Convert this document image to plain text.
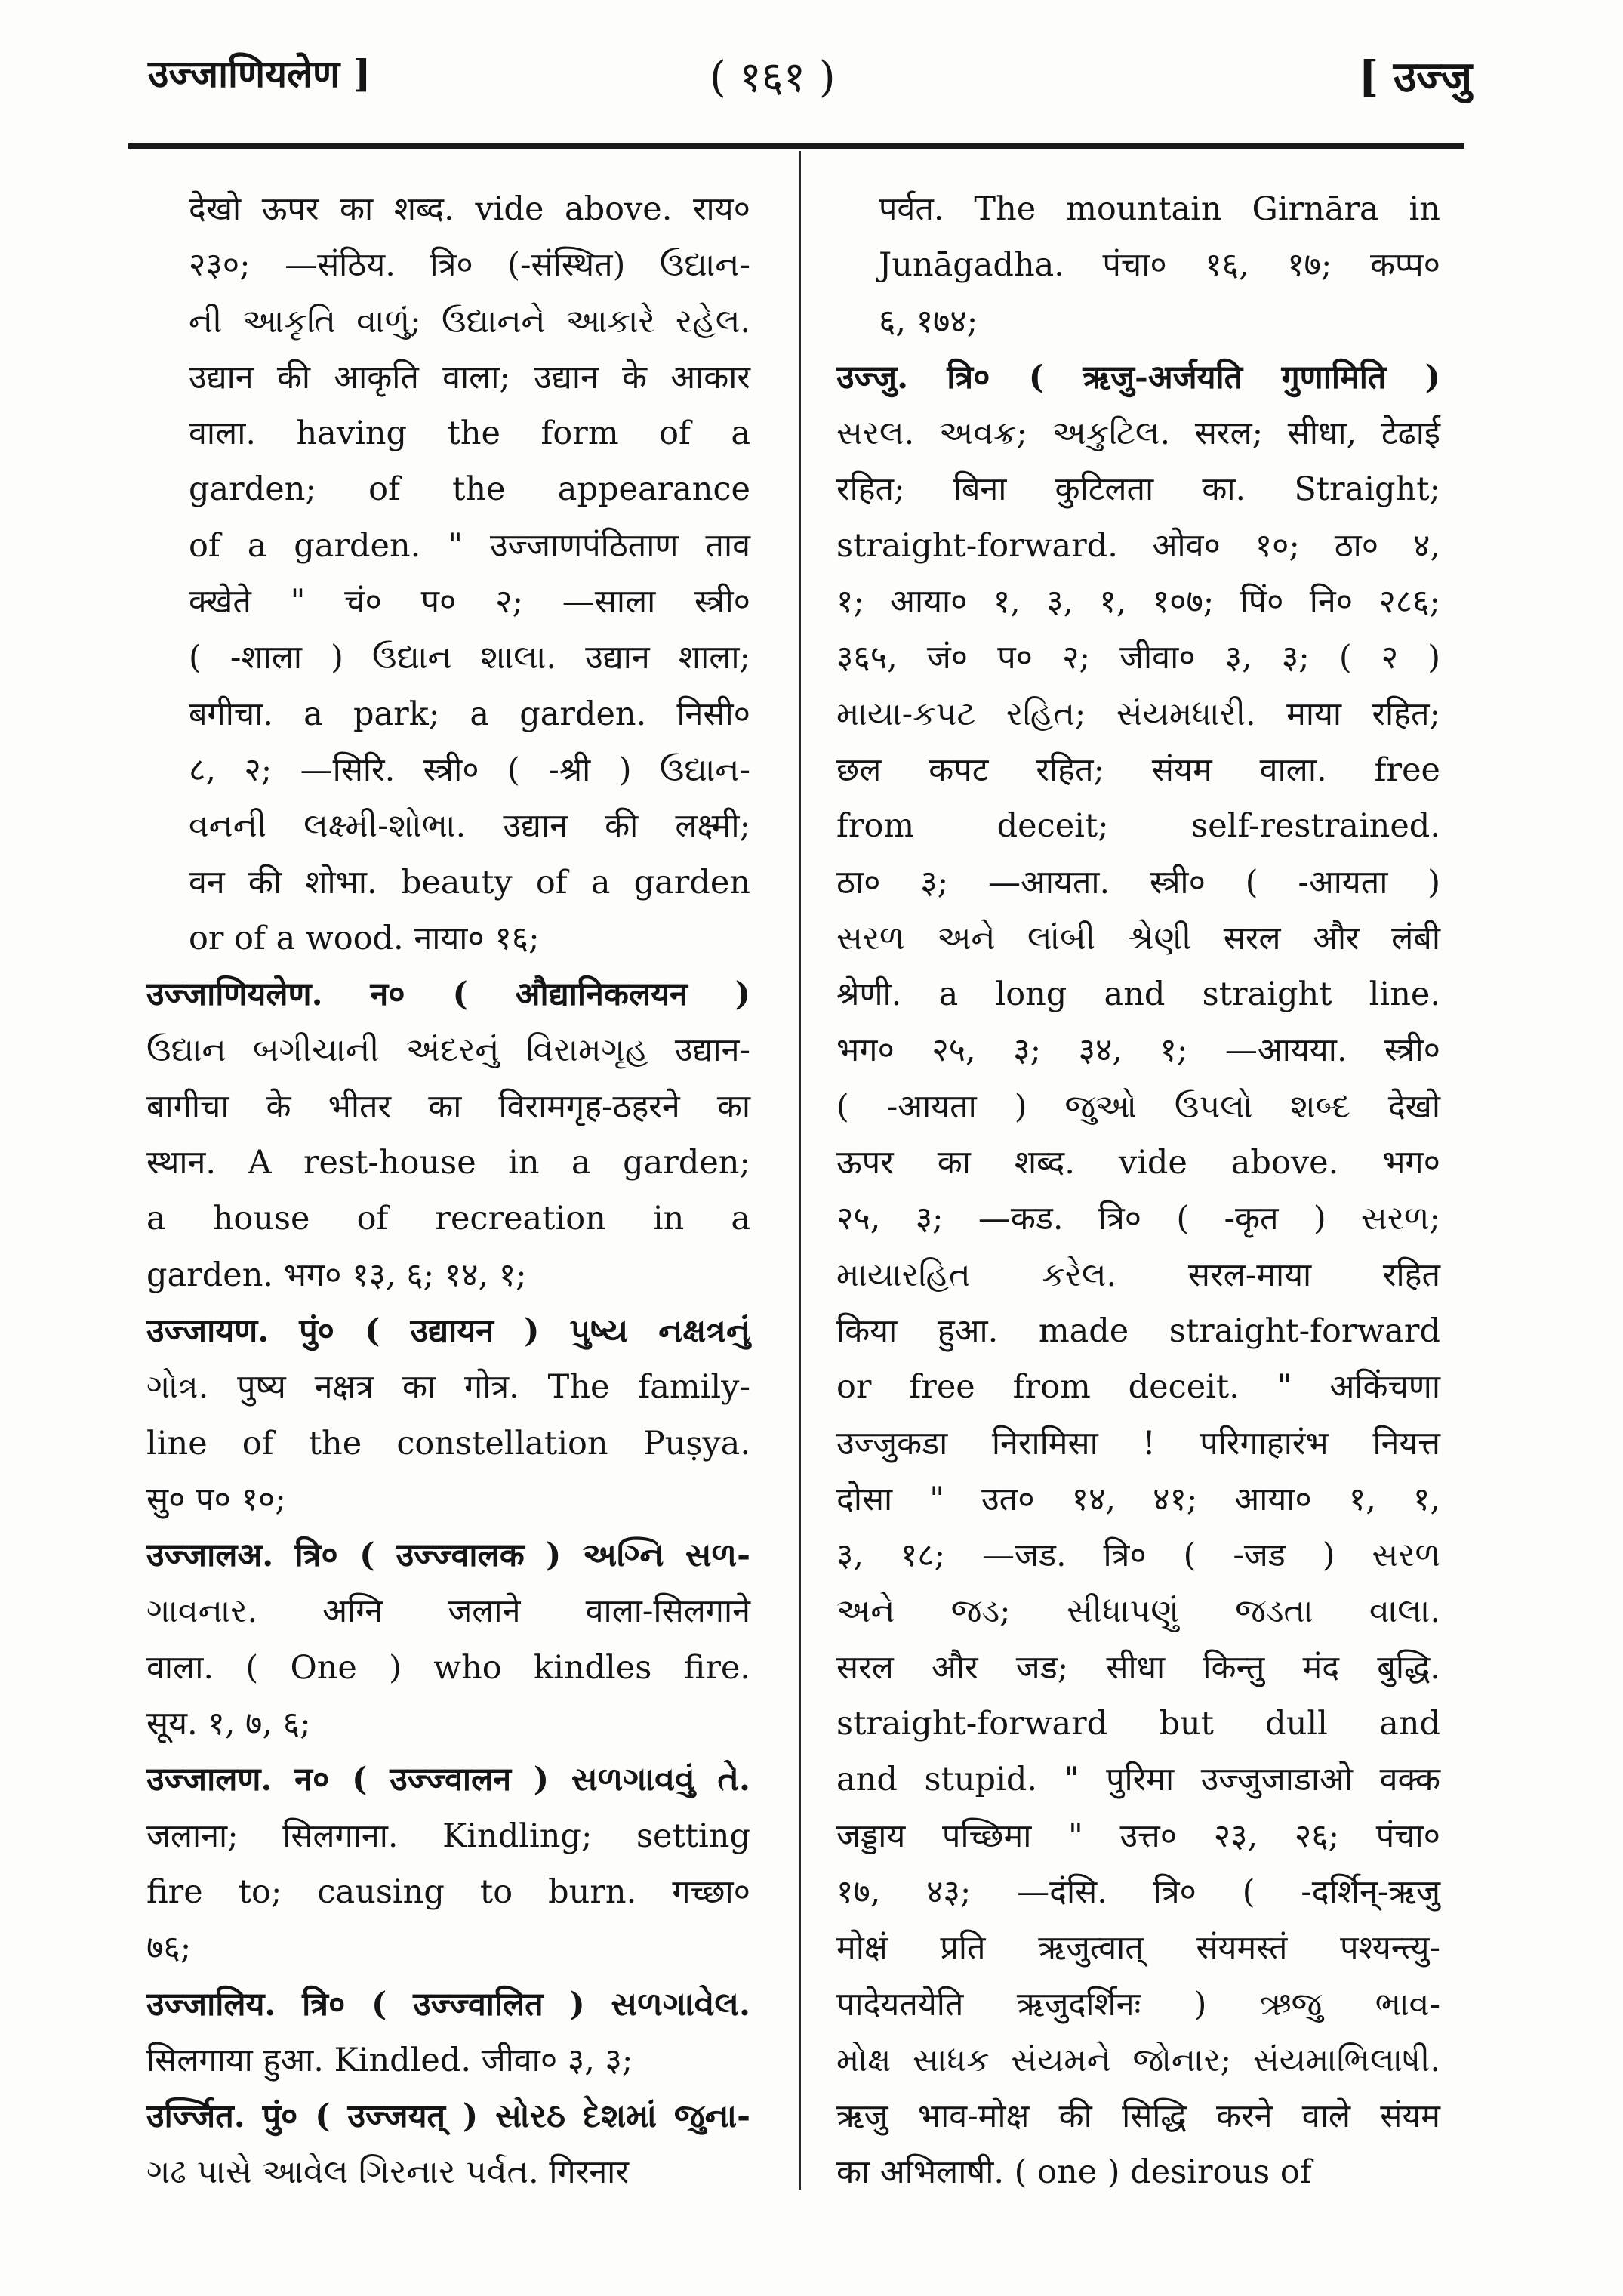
उज्जाणियलेण ]	( १६१ )	[ उज्जु
देखो ऊपर का शब्द. vide above. राय०
२३०; —संठिय. त्रि० (-संस्थित) ઉદ્યાન-
ની આકૃતિ વાળું; ઉદ્યાનને આકારે રહેલ.
उद्यान की आकृति वाला; उद्यान के आकार
वाला. having the form of a
garden; of the appearance
of a garden. " उज्जाणपंठिताण ताव
क्खेते " चं० प० २; —साला स्त्री०
( -शाला ) ઉદ્યાન શાલા. उद्यान शाला;
बगीचा. a park; a garden. निसी०
८, २; —सिरि. स्त्री० ( -श्री ) ઉદ્યાન-
વનની લક્ષ્મી-શોભા. उद्यान की लक्ष्मी;
वन की शोभा. beauty of a garden
or of a wood. नाया० १६;
उज्जाणियलेण. न० ( औद्यानिकलयन )
ઉદ્યાન બગીચાની અંદરનું વિરામગૃહ उद्यान-
बागीचा के भीतर का विरामगृह-ठहरने का
स्थान. A rest-house in a garden;
a house of recreation in a
garden. भग० १३, ६; १४, १;
उज्जायण. पुं० ( उद्यायन ) પુષ્ય નક્ષત્રનું
ગોત્ર. पुष्य नक्षत्र का गोत्र. The family-
line of the constellation Puṣya.
सु० प० १०;
उज्जालअ. त्रि० ( उज्ज्वालक ) અગ્નિ સળ-
ગાવનાર. अग्नि जलाने वाला-सिलगाने
वाला. ( One ) who kindles fire.
सूय. १, ७, ६;
उज्जालण. न० ( उज्ज्वालन ) સળગાવવું તે.
जलाना; सिलगाना. Kindling; setting
fire to; causing to burn. गच्छा०
७६;
उज्जालिय. त्रि० ( उज्ज्वालित ) સળગાવેલ.
सिलगाया हुआ. Kindled. जीवा० ३, ३;
उर्ज्जित. पुं० ( उज्जयत् ) સોરઠ દેશમાં જુના-
ગઢ પાસે આવેલ ગિરનાર પર્વત. गिरनार
पर्वत. The mountain Girnāra in
Junāgadha. पंचा० १६, १७; कप्प०
६, १७४;
उज्जु. त्रि० ( ऋजु-अर्जयति गुणामिति )
સરલ. અવક્ર; અકુટિલ. सरल; सीधा, टेढाई
रहित; बिना कुटिलता का. Straight;
straight-forward. ओव० १०; ठा० ४,
१; आया० १, ३, १, १०७; पिं० नि० २८६;
३६५, जं० प० २; जीवा० ३, ३; ( २ )
માયા-કપટ રહિત; સંયમધારી. माया रहित;
छल कपट रहित; संयम वाला. free
from deceit; self-restrained.
ठा० ३; —आयता. स्त्री० ( -आयता )
સરળ અને લાંબી શ્રેણી सरल और लंबी
श्रेणी. a long and straight line.
भग० २५, ३; ३४, १; —आयया. स्त्री०
( -आयता ) જુઓ ઉપલો શબ્દ देखो
ऊपर का शब्द. vide above. भग०
२५, ३; —कड. त्रि० ( -कृत ) સરળ;
માયારહિત કરેલ. सरल-माया रहित
किया हुआ. made straight-forward
or free from deceit. " अकिंचणा
उज्जुकडा निरामिसा ! परिगाहारंभ नियत्त
दोसा " उत० १४, ४१; आया० १, १,
३, १८; —जड. त्रि० ( -जड ) સરળ
અને જડ; સીધાપણું જડતા વાલા.
सरल और जड; सीधा किन्तु मंद बुद्धि.
straight-forward but dull and
and stupid. " पुरिमा उज्जुजाडाओ वक्क
जड्डाय पच्छिमा " उत्त० २३, २६; पंचा०
१७, ४३; —दंसि. त्रि० ( -दर्शिन्-ऋजु
मोक्षं प्रति ऋजुत्वात् संयमस्तं पश्यन्त्यु-
पादेयतयेति ऋजुदर्शिनः ) ઋજુ ભાવ-
મોક્ષ સાધક સંયમને જોનાર; સંયમાભિલાષી.
ऋजु भाव-मोक्ष की सिद्धि करने वाले संयम
का अभिलाषी. ( one ) desirous of
